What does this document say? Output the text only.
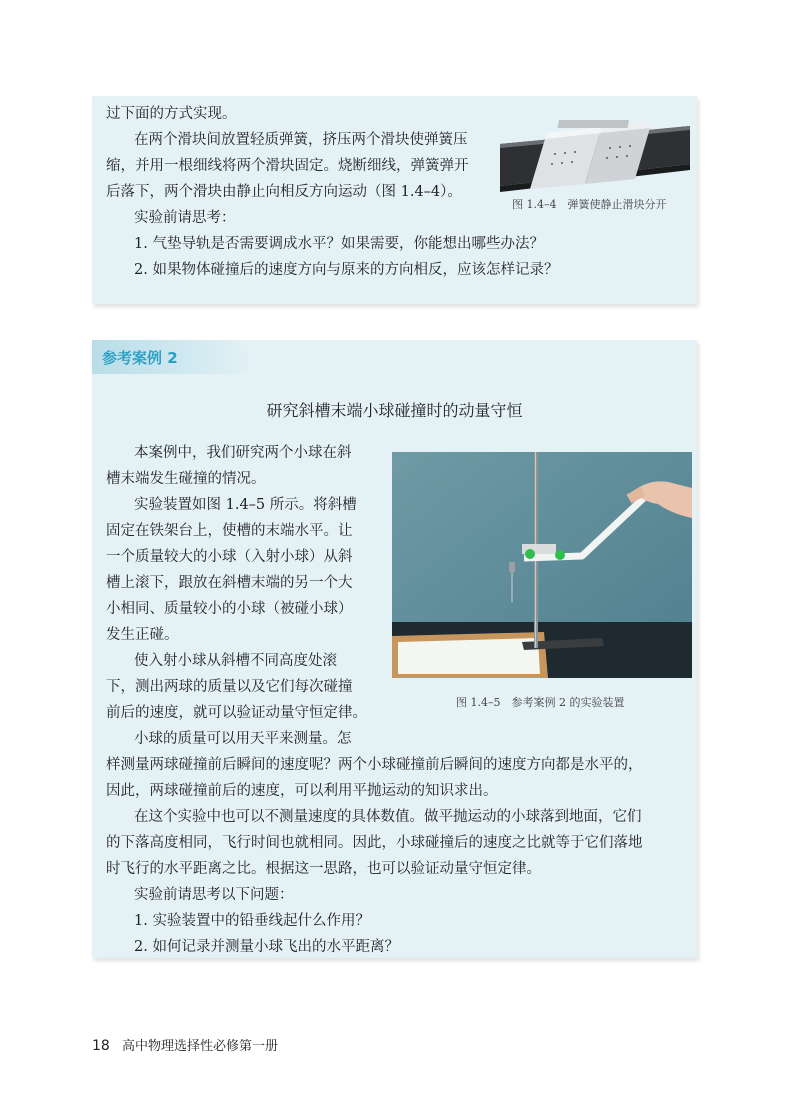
过下面的方式实现。
在两个滑块间放置轻质弹簧，挤压两个滑块使弹簧压
缩，并用一根细线将两个滑块固定。烧断细线，弹簧弹开
后落下，两个滑块由静止向相反方向运动（图 1.4–4）。
实验前请思考：
1. 气垫导轨是否需要调成水平？如果需要，你能想出哪些办法？
2. 如果物体碰撞后的速度方向与原来的方向相反，应该怎样记录？
图 1.4–4　弹簧使静止滑块分开
参考案例 2
研究斜槽末端小球碰撞时的动量守恒
本案例中，我们研究两个小球在斜
槽末端发生碰撞的情况。
实验装置如图 1.4–5 所示。将斜槽
固定在铁架台上，使槽的末端水平。让
一个质量较大的小球（入射小球）从斜
槽上滚下，跟放在斜槽末端的另一个大
小相同、质量较小的小球（被碰小球）
发生正碰。
使入射小球从斜槽不同高度处滚
下，测出两球的质量以及它们每次碰撞
前后的速度，就可以验证动量守恒定律。
小球的质量可以用天平来测量。怎
样测量两球碰撞前后瞬间的速度呢？两个小球碰撞前后瞬间的速度方向都是水平的，
因此，两球碰撞前后的速度，可以利用平抛运动的知识求出。
在这个实验中也可以不测量速度的具体数值。做平抛运动的小球落到地面，它们
的下落高度相同，飞行时间也就相同。因此，小球碰撞后的速度之比就等于它们落地
时飞行的水平距离之比。根据这一思路，也可以验证动量守恒定律。
实验前请思考以下问题：
1. 实验装置中的铅垂线起什么作用？
2. 如何记录并测量小球飞出的水平距离？
图 1.4–5　参考案例 2 的实验装置
18 高中物理选择性必修第一册
